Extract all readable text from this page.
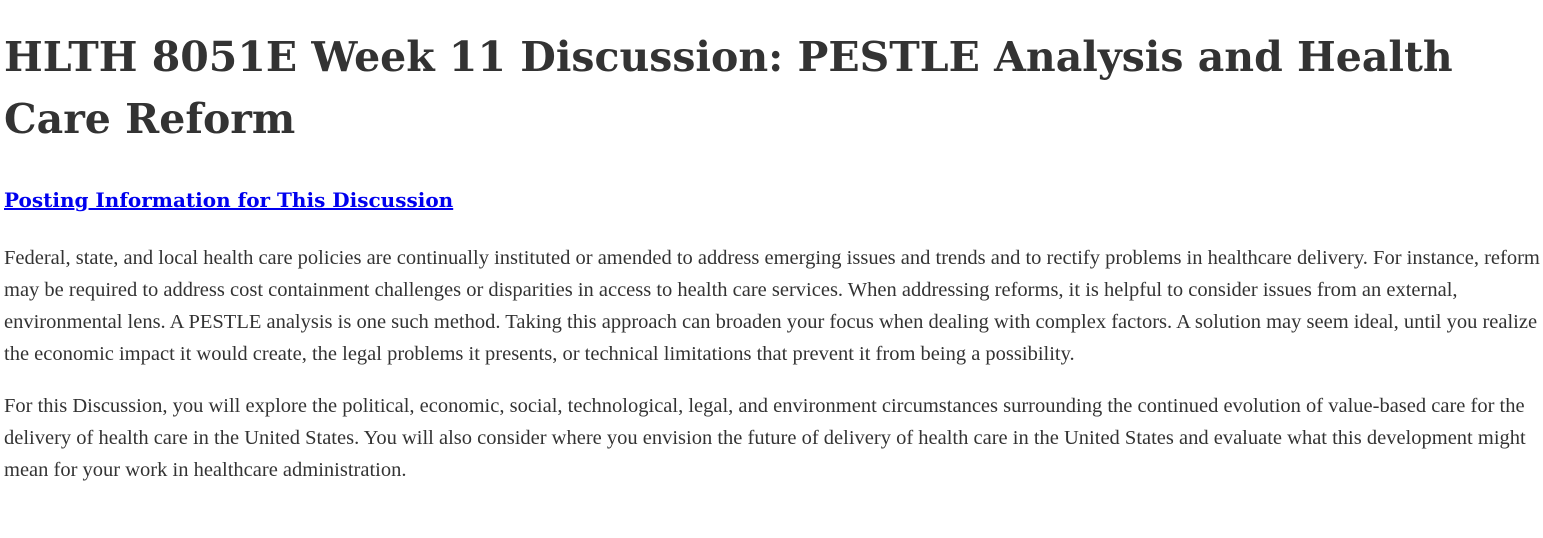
HLTH 8051E Week 11 Discussion: PESTLE Analysis and Health Care Reform
Posting Information for This Discussion

Federal, state, and local health care policies are continually instituted or amended to address emerging issues and trends and to rectify problems in healthcare delivery. For instance, reform may be required to address cost containment challenges or disparities in access to health care services. When addressing reforms, it is helpful to consider issues from an external, environmental lens. A PESTLE analysis is one such method. Taking this approach can broaden your focus when dealing with complex factors. A solution may seem ideal, until you realize the economic impact it would create, the legal problems it presents, or technical limitations that prevent it from being a possibility.

For this Discussion, you will explore the political, economic, social, technological, legal, and environment circumstances surrounding the continued evolution of value-based care for the delivery of health care in the United States. You will also consider where you envision the future of delivery of health care in the United States and evaluate what this development might mean for your work in healthcare administration.
